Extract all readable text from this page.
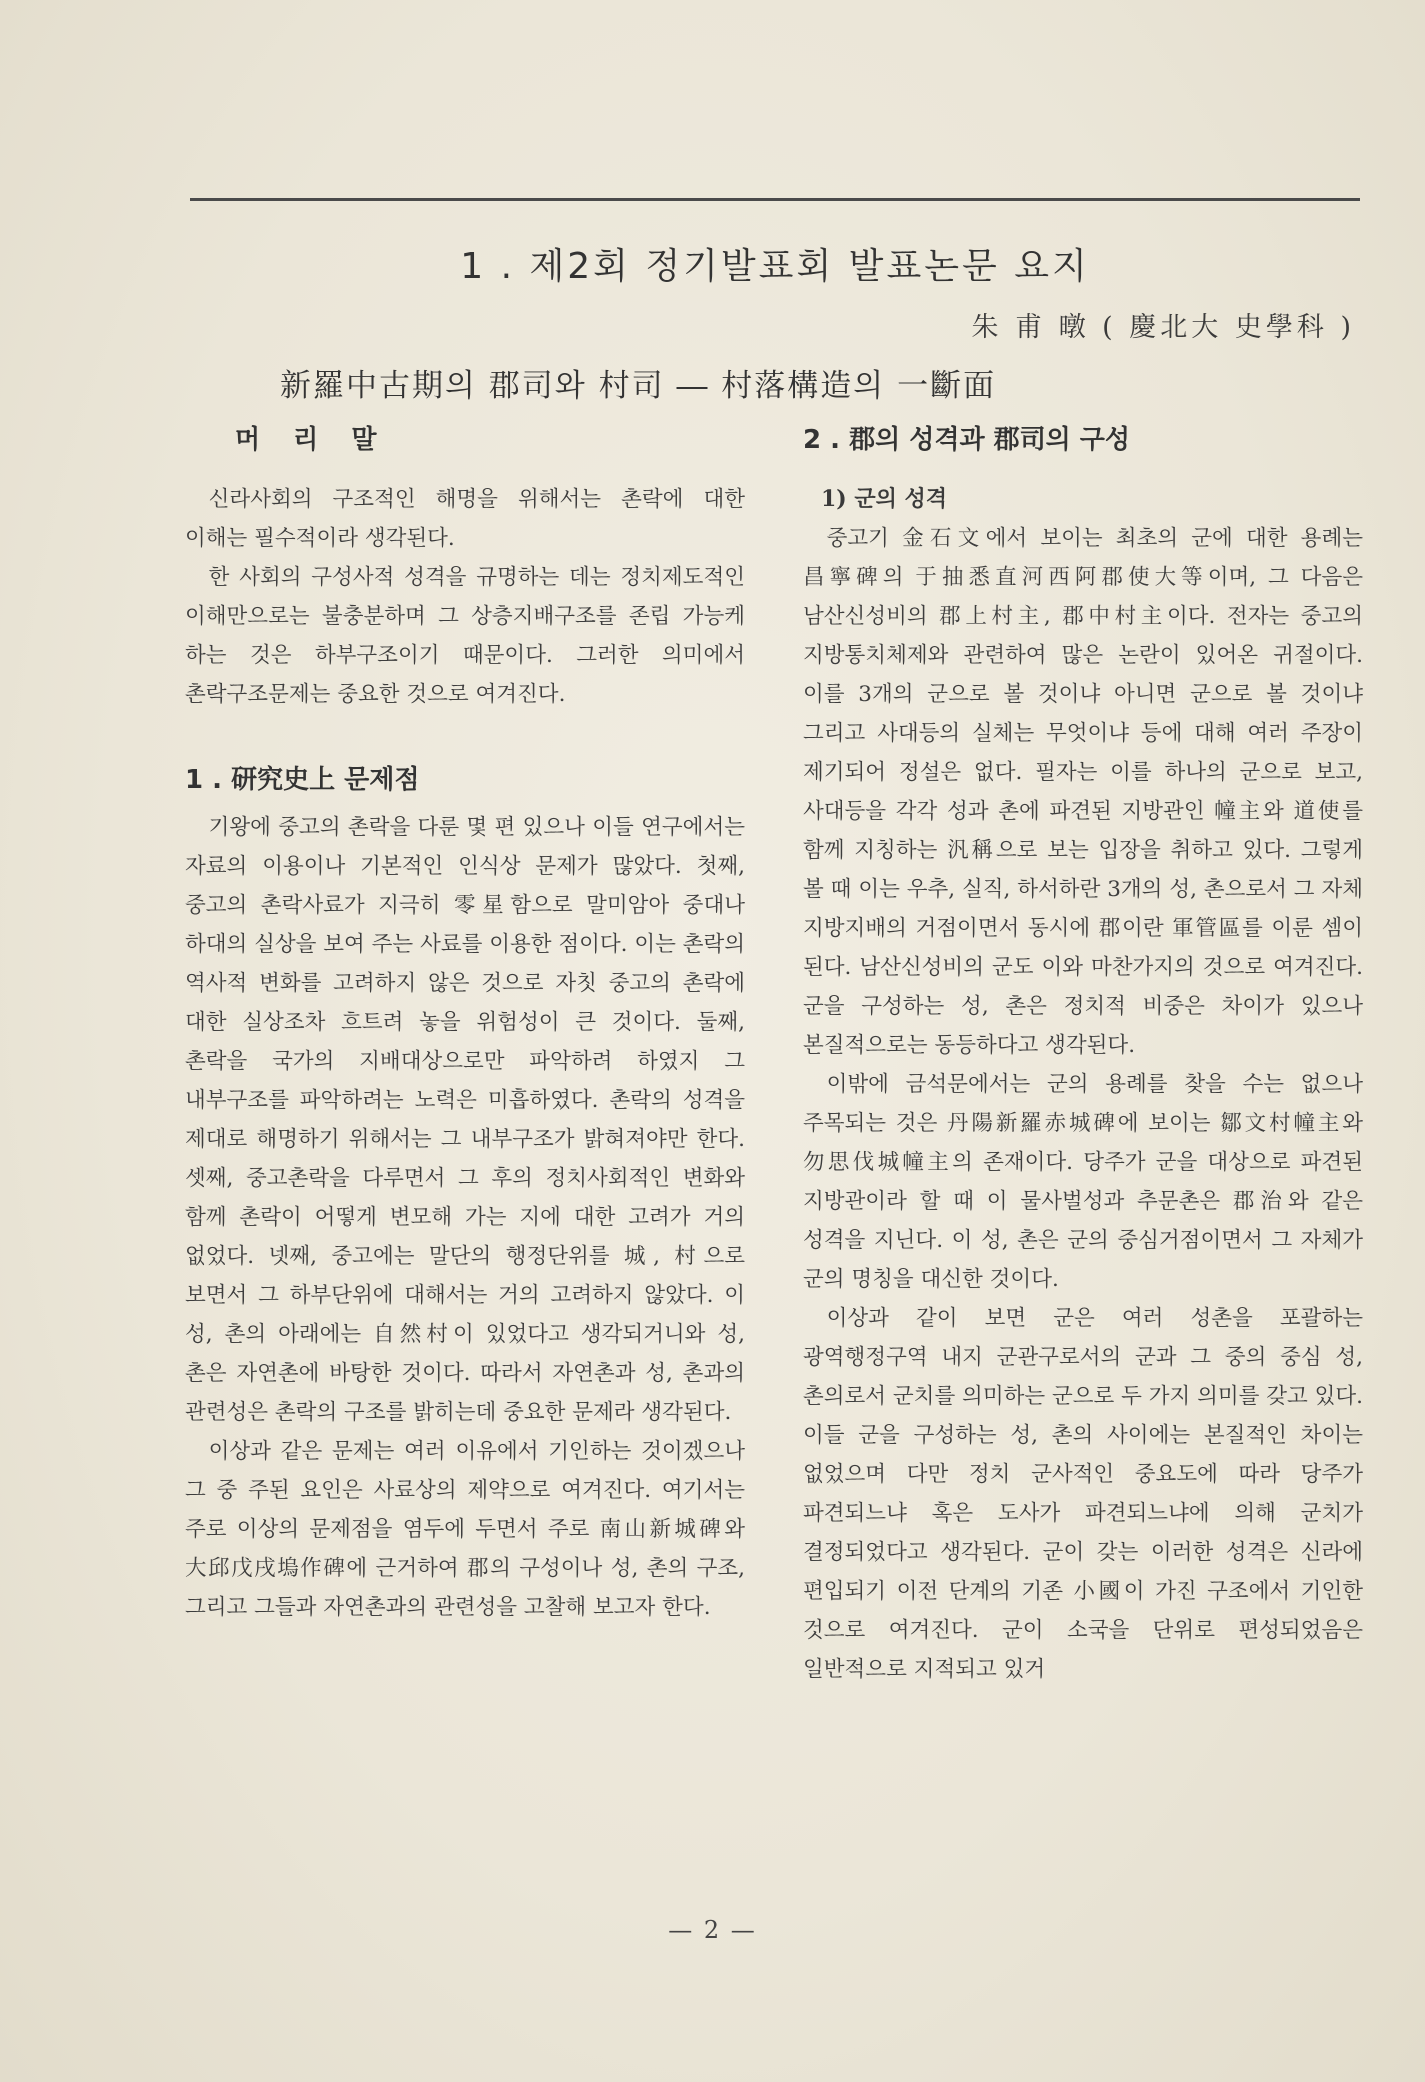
1 . 제2회 정기발표회 발표논문 요지
朱 甫 暾 ( 慶北大 史學科 )
新羅中古期의 郡司와 村司 ― 村落構造의 一斷面
머 리 말

신라사회의 구조적인 해명을 위해서는 촌락에 대한 이해는 필수적이라 생각된다.

한 사회의 구성사적 성격을 규명하는 데는 정치제도적인 이해만으로는 불충분하며 그 상층지배구조를 존립 가능케 하는 것은 하부구조이기 때문이다. 그러한 의미에서 촌락구조문제는 중요한 것으로 여겨진다.

1 . 研究史上 문제점

기왕에 중고의 촌락을 다룬 몇 편 있으나 이들 연구에서는 자료의 이용이나 기본적인 인식상 문제가 많았다. 첫째, 중고의 촌락사료가 지극히 零星함으로 말미암아 중대나 하대의 실상을 보여 주는 사료를 이용한 점이다. 이는 촌락의 역사적 변화를 고려하지 않은 것으로 자칫 중고의 촌락에 대한 실상조차 흐트려 놓을 위험성이 큰 것이다. 둘째, 촌락을 국가의 지배대상으로만 파악하려 하였지 그 내부구조를 파악하려는 노력은 미흡하였다. 촌락의 성격을 제대로 해명하기 위해서는 그 내부구조가 밝혀져야만 한다. 셋째, 중고촌락을 다루면서 그 후의 정치사회적인 변화와 함께 촌락이 어떻게 변모해 가는 지에 대한 고려가 거의 없었다. 넷째, 중고에는 말단의 행정단위를 城, 村으로 보면서 그 하부단위에 대해서는 거의 고려하지 않았다. 이 성, 촌의 아래에는 自然村이 있었다고 생각되거니와 성, 촌은 자연촌에 바탕한 것이다. 따라서 자연촌과 성, 촌과의 관련성은 촌락의 구조를 밝히는데 중요한 문제라 생각된다.

이상과 같은 문제는 여러 이유에서 기인하는 것이겠으나 그 중 주된 요인은 사료상의 제약으로 여겨진다. 여기서는 주로 이상의 문제점을 염두에 두면서 주로 南山新城碑와 大邱戊戌塢作碑에 근거하여 郡의 구성이나 성, 촌의 구조, 그리고 그들과 자연촌과의 관련성을 고찰해 보고자 한다.

2 . 郡의 성격과 郡司의 구성
1) 군의 성격

중고기 金石文에서 보이는 최초의 군에 대한 용례는 昌寧碑의 于抽悉直河西阿郡使大等이며, 그 다음은 남산신성비의 郡上村主, 郡中村主이다. 전자는 중고의 지방통치체제와 관련하여 많은 논란이 있어온 귀절이다. 이를 3개의 군으로 볼 것이냐 아니면 군으로 볼 것이냐 그리고 사대등의 실체는 무엇이냐 등에 대해 여러 주장이 제기되어 정설은 없다. 필자는 이를 하나의 군으로 보고, 사대등을 각각 성과 촌에 파견된 지방관인 幢主와 道使를 함께 지칭하는 汎稱으로 보는 입장을 취하고 있다. 그렇게 볼 때 이는 우추, 실직, 하서하란 3개의 성, 촌으로서 그 자체 지방지배의 거점이면서 동시에 郡이란 軍管區를 이룬 셈이 된다. 남산신성비의 군도 이와 마찬가지의 것으로 여겨진다. 군을 구성하는 성, 촌은 정치적 비중은 차이가 있으나 본질적으로는 동등하다고 생각된다.

이밖에 금석문에서는 군의 용례를 찾을 수는 없으나 주목되는 것은 丹陽新羅赤城碑에 보이는 鄒文村幢主와 勿思伐城幢主의 존재이다. 당주가 군을 대상으로 파견된 지방관이라 할 때 이 물사벌성과 추문촌은 郡治와 같은 성격을 지닌다. 이 성, 촌은 군의 중심거점이면서 그 자체가 군의 명칭을 대신한 것이다.

이상과 같이 보면 군은 여러 성촌을 포괄하는 광역행정구역 내지 군관구로서의 군과 그 중의 중심 성, 촌의로서 군치를 의미하는 군으로 두 가지 의미를 갖고 있다. 이들 군을 구성하는 성, 촌의 사이에는 본질적인 차이는 없었으며 다만 정치 군사적인 중요도에 따라 당주가 파견되느냐 혹은 도사가 파견되느냐에 의해 군치가 결정되었다고 생각된다. 군이 갖는 이러한 성격은 신라에 편입되기 이전 단계의 기존 小國이 가진 구조에서 기인한 것으로 여겨진다. 군이 소국을 단위로 편성되었음은 일반적으로 지적되고 있거

— 2 —
